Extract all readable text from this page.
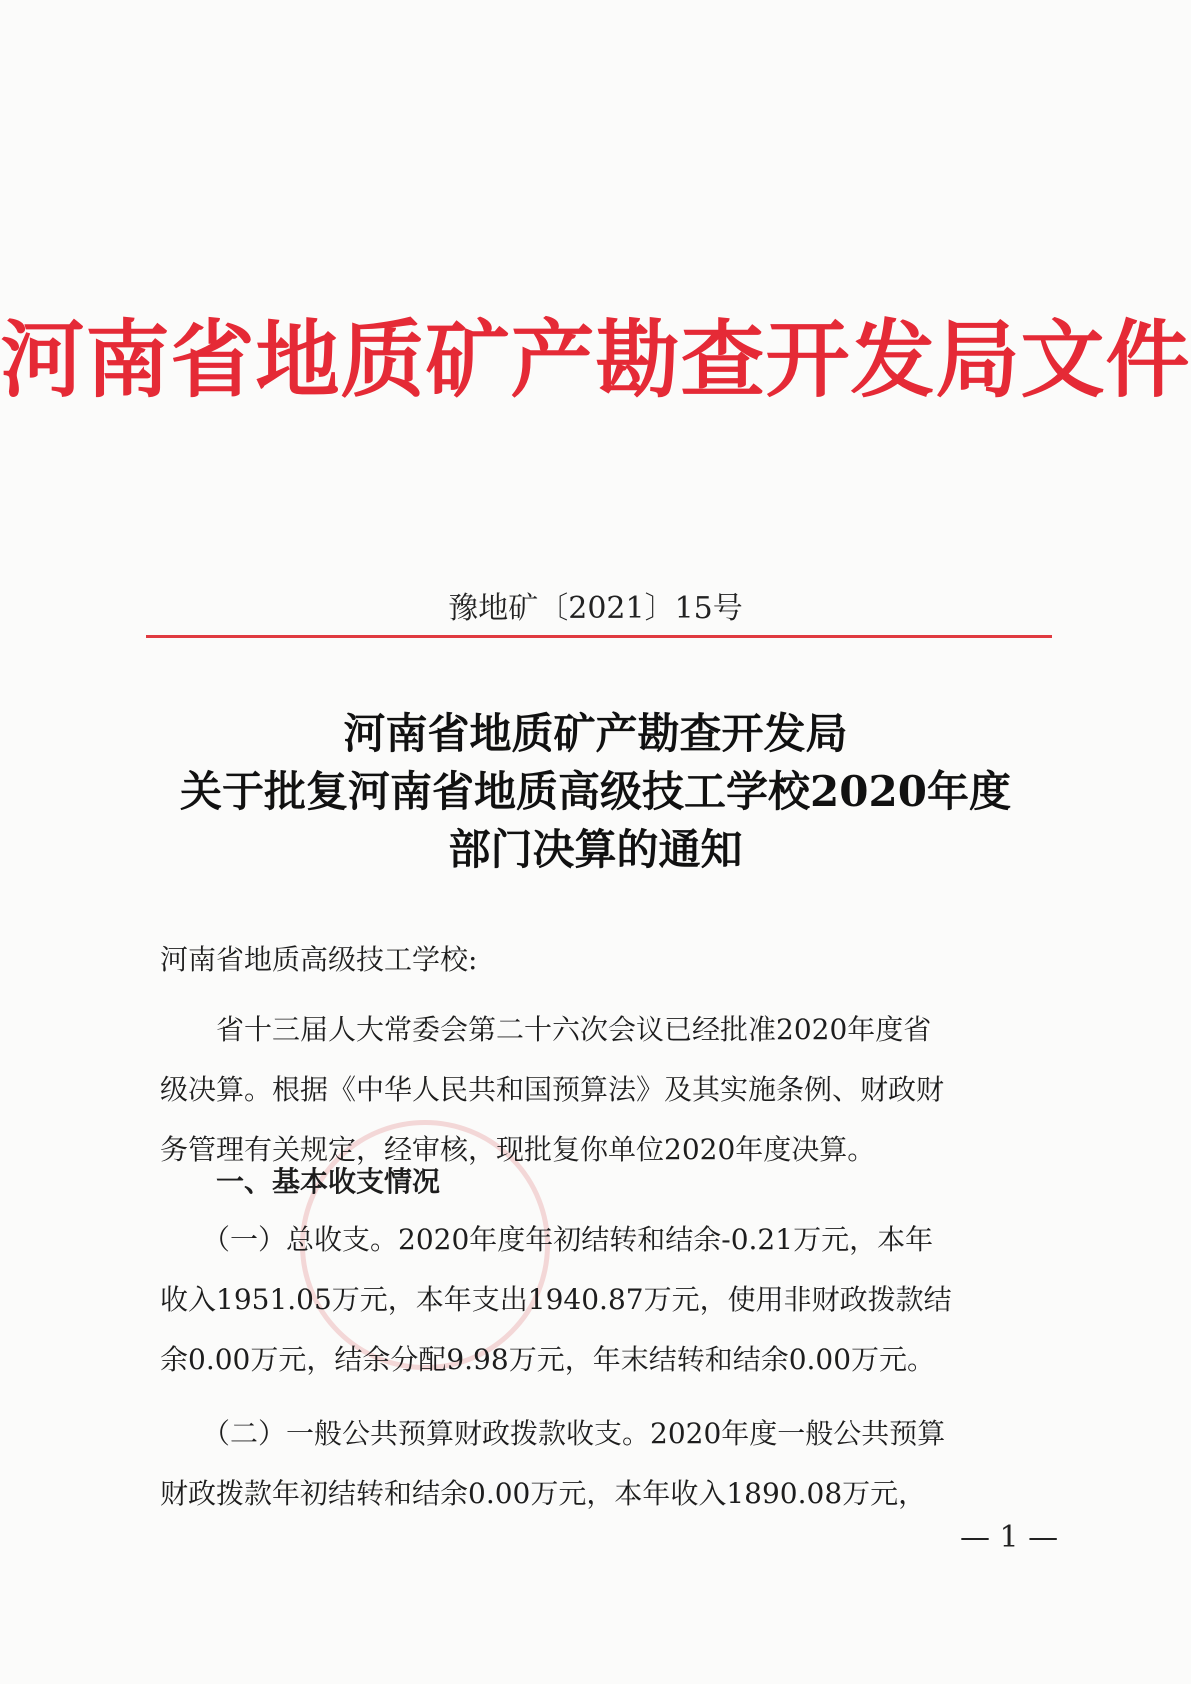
河南省地质矿产勘查开发局文件
豫地矿〔2021〕15号
河南省地质矿产勘查开发局
关于批复河南省地质高级技工学校2020年度
部门决算的通知
河南省地质高级技工学校:
　　省十三届人大常委会第二十六次会议已经批准2020年度省
级决算。根据《中华人民共和国预算法》及其实施条例、财政财
务管理有关规定，经审核，现批复你单位2020年度决算。
　　一、基本收支情况
　　（一）总收支。2020年度年初结转和结余-0.21万元，本年
收入1951.05万元，本年支出1940.87万元，使用非财政拨款结
余0.00万元，结余分配9.98万元，年末结转和结余0.00万元。
　　（二）一般公共预算财政拨款收支。2020年度一般公共预算
财政拨款年初结转和结余0.00万元，本年收入1890.08万元，
— 1 —
